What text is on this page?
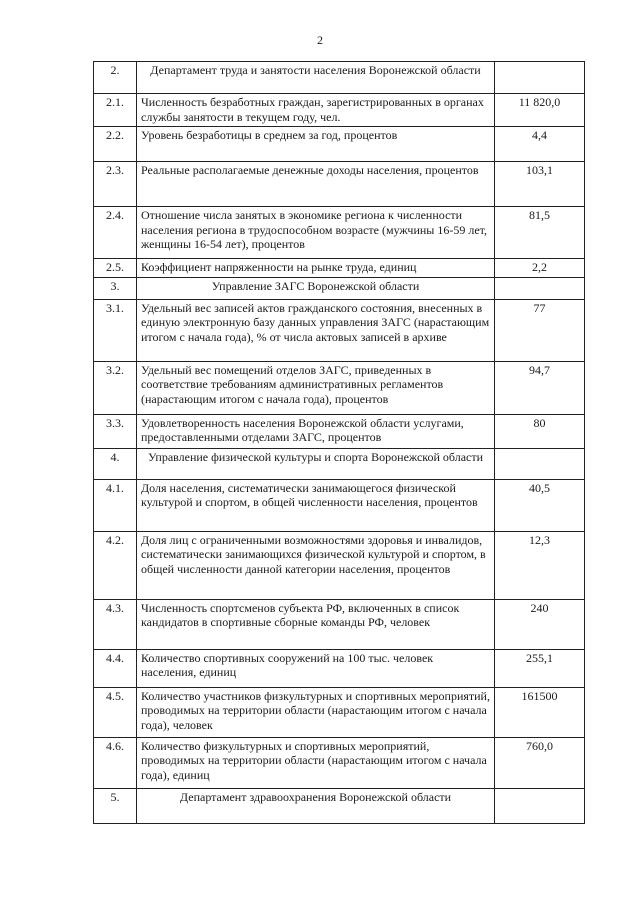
2
2.	Департамент труда и занятости населения Воронежской области	
2.1.	Численность безработных граждан, зарегистрированных в органах службы занятости в текущем году, чел.	11 820,0
2.2.	Уровень безработицы в среднем за год, процентов	4,4
2.3.	Реальные располагаемые денежные доходы населения, процентов	103,1
2.4.	Отношение числа занятых в экономике региона к численности населения региона в трудоспособном возрасте (мужчины 16-59 лет, женщины 16-54 лет), процентов	81,5
2.5.	Коэффициент напряженности на рынке труда, единиц	2,2
3.	Управление ЗАГС Воронежской области	
3.1.	Удельный вес записей актов гражданского состояния, внесенных в единую электронную базу данных управления ЗАГС (нарастающим итогом с начала года), % от числа актовых записей в архиве	77
3.2.	Удельный вес помещений отделов ЗАГС, приведенных в соответствие требованиям административных регламентов (нарастающим итогом с начала года), процентов	94,7
3.3.	Удовлетворенность населения Воронежской области услугами, предоставленными отделами ЗАГС, процентов	80
4.	Управление физической культуры и спорта Воронежской области	
4.1.	Доля населения, систематически занимающегося физической культурой и спортом, в общей численности населения, процентов	40,5
4.2.	Доля лиц с ограниченными возможностями здоровья и инвалидов, систематически занимающихся физической культурой и спортом, в общей численности данной категории населения, процентов	12,3
4.3.	Численность спортсменов субъекта РФ, включенных в список кандидатов в спортивные сборные команды РФ, человек	240
4.4.	Количество спортивных сооружений на 100 тыс. человек населения, единиц	255,1
4.5.	Количество участников физкультурных и спортивных мероприятий, проводимых на территории области (нарастающим итогом с начала года), человек	161500
4.6.	Количество физкультурных и спортивных мероприятий, проводимых на территории области (нарастающим итогом с начала года), единиц	760,0
5.	Департамент здравоохранения Воронежской области	
